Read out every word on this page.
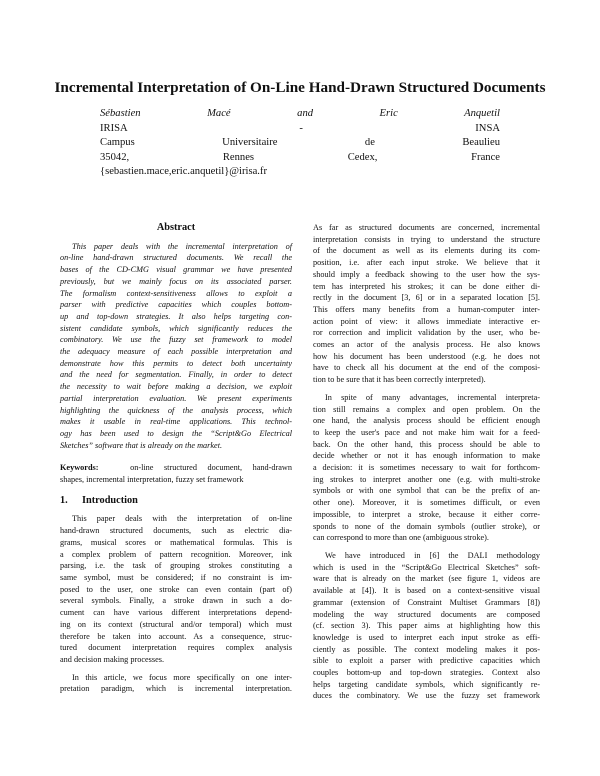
Incremental Interpretation of On-Line Hand-Drawn Structured Documents
Sébastien Macé and Eric Anquetil
IRISA - INSA
Campus Universitaire de Beaulieu
35042, Rennes Cedex, France
{sebastien.mace,eric.anquetil}@irisa.fr
Abstract
This paper deals with the incremental interpretation of
on-line hand-drawn structured documents. We recall the
bases of the CD-CMG visual grammar we have presented
previously, but we mainly focus on its associated parser.
The formalism context-sensitiveness allows to exploit a
parser with predictive capacities which couples bottom-
up and top-down strategies. It also helps targeting con-
sistent candidate symbols, which significantly reduces the
combinatory. We use the fuzzy set framework to model
the adequacy measure of each possible interpretation and
demonstrate how this permits to detect both uncertainty
and the need for segmentation. Finally, in order to detect
the necessity to wait before making a decision, we exploit
partial interpretation evaluation. We present experiments
highlighting the quickness of the analysis process, which
makes it usable in real-time applications. This technol-
ogy has been used to design the “Script&Go Electrical
Sketches” software that is already on the market.
Keywords:	on-line structured document, hand-drawn
shapes, incremental interpretation, fuzzy set framework
1. Introduction
This paper deals with the interpretation of on-line
hand-drawn structured documents, such as electric dia-
grams, musical scores or mathematical formulas. This is
a complex problem of pattern recognition. Moreover, ink
parsing, i.e. the task of grouping strokes constituting a
same symbol, must be considered; if no constraint is im-
posed to the user, one stroke can even contain (part of)
several symbols. Finally, a stroke drawn in such a do-
cument can have various different interpretations depend-
ing on its context (structural and/or temporal) which must
therefore be taken into account. As a consequence, struc-
tured document interpretation requires complex analysis
and decision making processes.
In this article, we focus more specifically on one inter-
pretation paradigm, which is incremental interpretation.
As far as structured documents are concerned, incremental
interpretation consists in trying to understand the structure
of the document as well as its elements during its com-
position, i.e. after each input stroke. We believe that it
should imply a feedback showing to the user how the sys-
tem has interpreted his strokes; it can be done either di-
rectly in the document [3, 6] or in a separated location [5].
This offers many benefits from a human-computer inter-
action point of view: it allows immediate interactive er-
ror correction and implicit validation by the user, who be-
comes an actor of the analysis process. He also knows
how his document has been understood (e.g. he does not
have to check all his document at the end of the composi-
tion to be sure that it has been correctly interpreted).
In spite of many advantages, incremental interpreta-
tion still remains a complex and open problem. On the
one hand, the analysis process should be efficient enough
to keep the user's pace and not make him wait for a feed-
back. On the other hand, this process should be able to
decide whether or not it has enough information to make
a decision: it is sometimes necessary to wait for forthcom-
ing strokes to interpret another one (e.g. with multi-stroke
symbols or with one symbol that can be the prefix of an-
other one). Moreover, it is sometimes difficult, or even
impossible, to interpret a stroke, because it either corre-
sponds to none of the domain symbols (outlier stroke), or
can correspond to more than one (ambiguous stroke).
We have introduced in [6] the DALI methodology
which is used in the “Script&Go Electrical Sketches” soft-
ware that is already on the market (see figure 1, videos are
available at [4]). It is based on a context-sensitive visual
grammar (extension of Constraint Multiset Grammars [8])
modeling the way structured documents are composed
(cf. section 3). This paper aims at highlighting how this
knowledge is used to interpret each input stroke as effi-
ciently as possible. The context modeling makes it pos-
sible to exploit a parser with predictive capacities which
couples bottom-up and top-down strategies. Context also
helps targeting candidate symbols, which significantly re-
duces the combinatory. We use the fuzzy set framework
